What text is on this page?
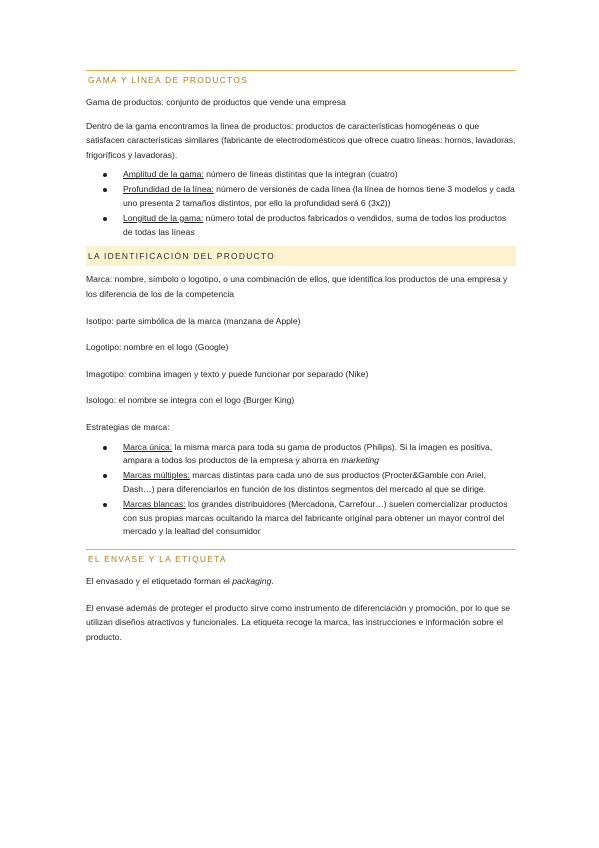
GAMA Y LÍNEA DE PRODUCTOS

Gama de productos: conjunto de productos que vende una empresa

Dentro de la gama encontramos la línea de productos: productos de características homogéneas o que satisfacen características similares (fabricante de electrodomésticos que ofrece cuatro líneas: hornos, lavadoras, frigoríficos y lavadoras).

Amplitud de la gama: número de líneas distintas que la integran (cuatro)
Profundidad de la línea: número de versiones de cada línea (la línea de hornos tiene 3 modelos y cada uno presenta 2 tamaños distintos, por ello la profundidad será 6 (3x2))
Longitud de la gama: número total de productos fabricados o vendidos, suma de todos los productos de todas las líneas
LA IDENTIFICACIÓN DEL PRODUCTO

Marca: nombre, símbolo o logotipo, o una combinación de ellos, que identifica los productos de una empresa y los diferencia de los de la competencia

Isotipo: parte simbólica de la marca (manzana de Apple)

Logotipo: nombre en el logo (Google)

Imagotipo: combina imagen y texto y puede funcionar por separado (Nike)

Isologo: el nombre se integra con el logo (Burger King)

Estrategias de marca:

Marca única: la misma marca para toda su gama de productos (Philips). Si la imagen es positiva, ampara a todos los productos de la empresa y ahorra en marketing
Marcas múltiples: marcas distintas para cada uno de sus productos (Procter&Gamble con Ariel, Dash…) para diferenciarlos en función de los distintos segmentos del mercado al que se dirige.
Marcas blancas: los grandes distribuidores (Mercadona, Carrefour…) suelen comercializar productos con sus propias marcas ocultando la marca del fabricante original para obtener un mayor control del mercado y la lealtad del consumidor
EL ENVASE Y LA ETIQUETA

El envasado y el etiquetado forman el packaging.

El envase además de proteger el producto sirve como instrumento de diferenciación y promoción, por lo que se utilizan diseños atractivos y funcionales. La etiqueta recoge la marca, las instrucciones e información sobre el producto.
